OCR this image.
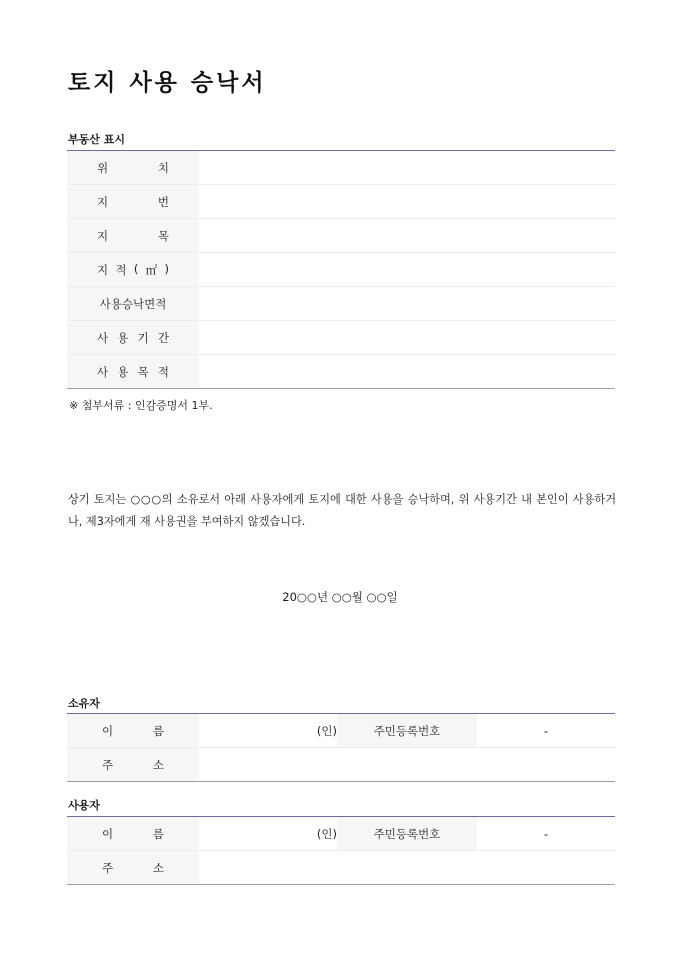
토지 사용 승낙서
부동산 표시
위 치	

지 번	

지 목	

지 적 ( ㎡ )	

사용승낙면적	

사 용 기 간	

사 용 목 적	

※ 첨부서류 : 인감증명서 1부.
상기 토지는 ○○○의 소유로서 아래 사용자에게 토지에 대한 사용을 승낙하며, 위 사용기간 내 본인이 사용하거나, 제3자에게 재 사용권을 부여하지 않겠습니다.
20○○년 ○○월 ○○일
소유자
이 름	(인)	주민등록번호	-

주 소			

사용자
이 름	(인)	주민등록번호	-

주 소			
